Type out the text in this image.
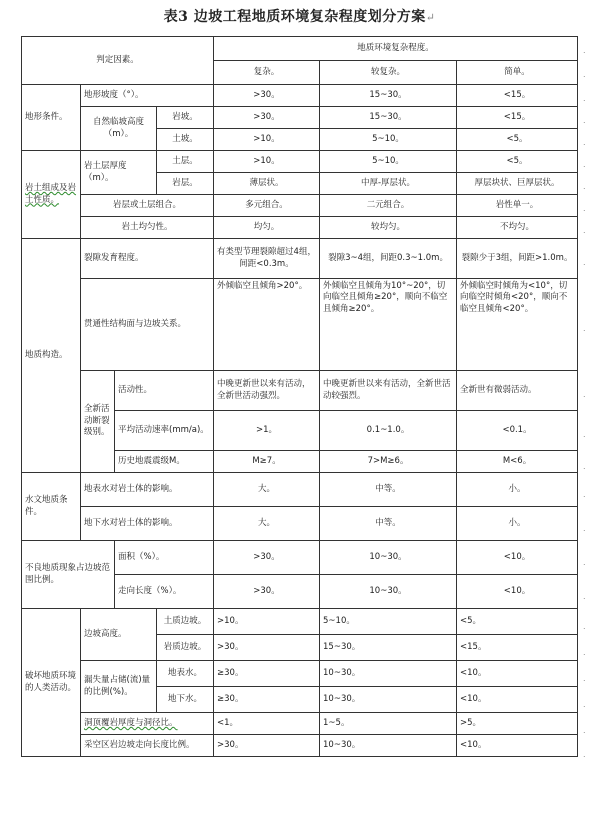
表3 边坡工程地质环境复杂程度划分方案↵
判定因素。				地质环境复杂程度。		
				复杂。	较复杂。	简单。
地形条件。	地形坡度（°）。			>30。	15~30。	<15。
	自然临坡高度（m）。		岩坡。	>30。	15~30。	<15。
			土坡。	>10。	5~10。	<5。
岩土组成及岩土性质。	岩土层厚度（m）。		土层。	>10。	5~10。	<5。
			岩层。	薄层状。	中厚-厚层状。	厚层块状、巨厚层状。
	岩层或土层组合。			多元组合。	二元组合。	岩性单一。
	岩土均匀性。			均匀。	较均匀。	不均匀。
地质构造。	裂隙发育程度。			有类型节理裂隙超过4组，间距<0.3m。	裂隙3~4组，间距0.3~1.0m。	裂隙少于3组，间距>1.0m。
	贯通性结构面与边坡关系。			外倾临空且倾角>20°。	外倾临空且倾角为10°~20°，切向临空且倾角≥20°，顺向不临空且倾角≥20°。	外倾临空时倾角为<10°，切向临空时倾角<20°，顺向不临空且倾角<20°。
	全新活动断裂级别。	活动性。		中晚更新世以来有活动，全新世活动强烈。	中晚更新世以来有活动，全新世活动较强烈。	全新世有微弱活动。
		平均活动速率(mm/a)。		>1。	0.1~1.0。	<0.1。
		历史地震震级M。		M≥7。	7>M≥6。	M<6。
水文地质条件。	地表水对岩土体的影响。			大。	中等。	小。
	地下水对岩土体的影响。			大。	中等。	小。
不良地质现象占边坡范围比例。		面积（%）。		>30。	10~30。	<10。
		走向长度（%）。		>30。	10~30。	<10。
破坏地质环境的人类活动。	边坡高度。		土质边坡。	>10。	5~10。	<5。
			岩质边坡。	>30。	15~30。	<15。
	漏失量占储(流)量的比例(%)。		地表水。	≥30。	10~30。	<10。
			地下水。	≥30。	10~30。	<10。
	洞顶覆岩厚度与洞径比。			<1。	1~5。	>5。
	采空区岩边坡走向长度比例。			>30。	10~30。	<10。
.
.
.
.
.
.
.
.
.
.
.
.
.
.
.
.
.
.
.
.
.
.
.
.
